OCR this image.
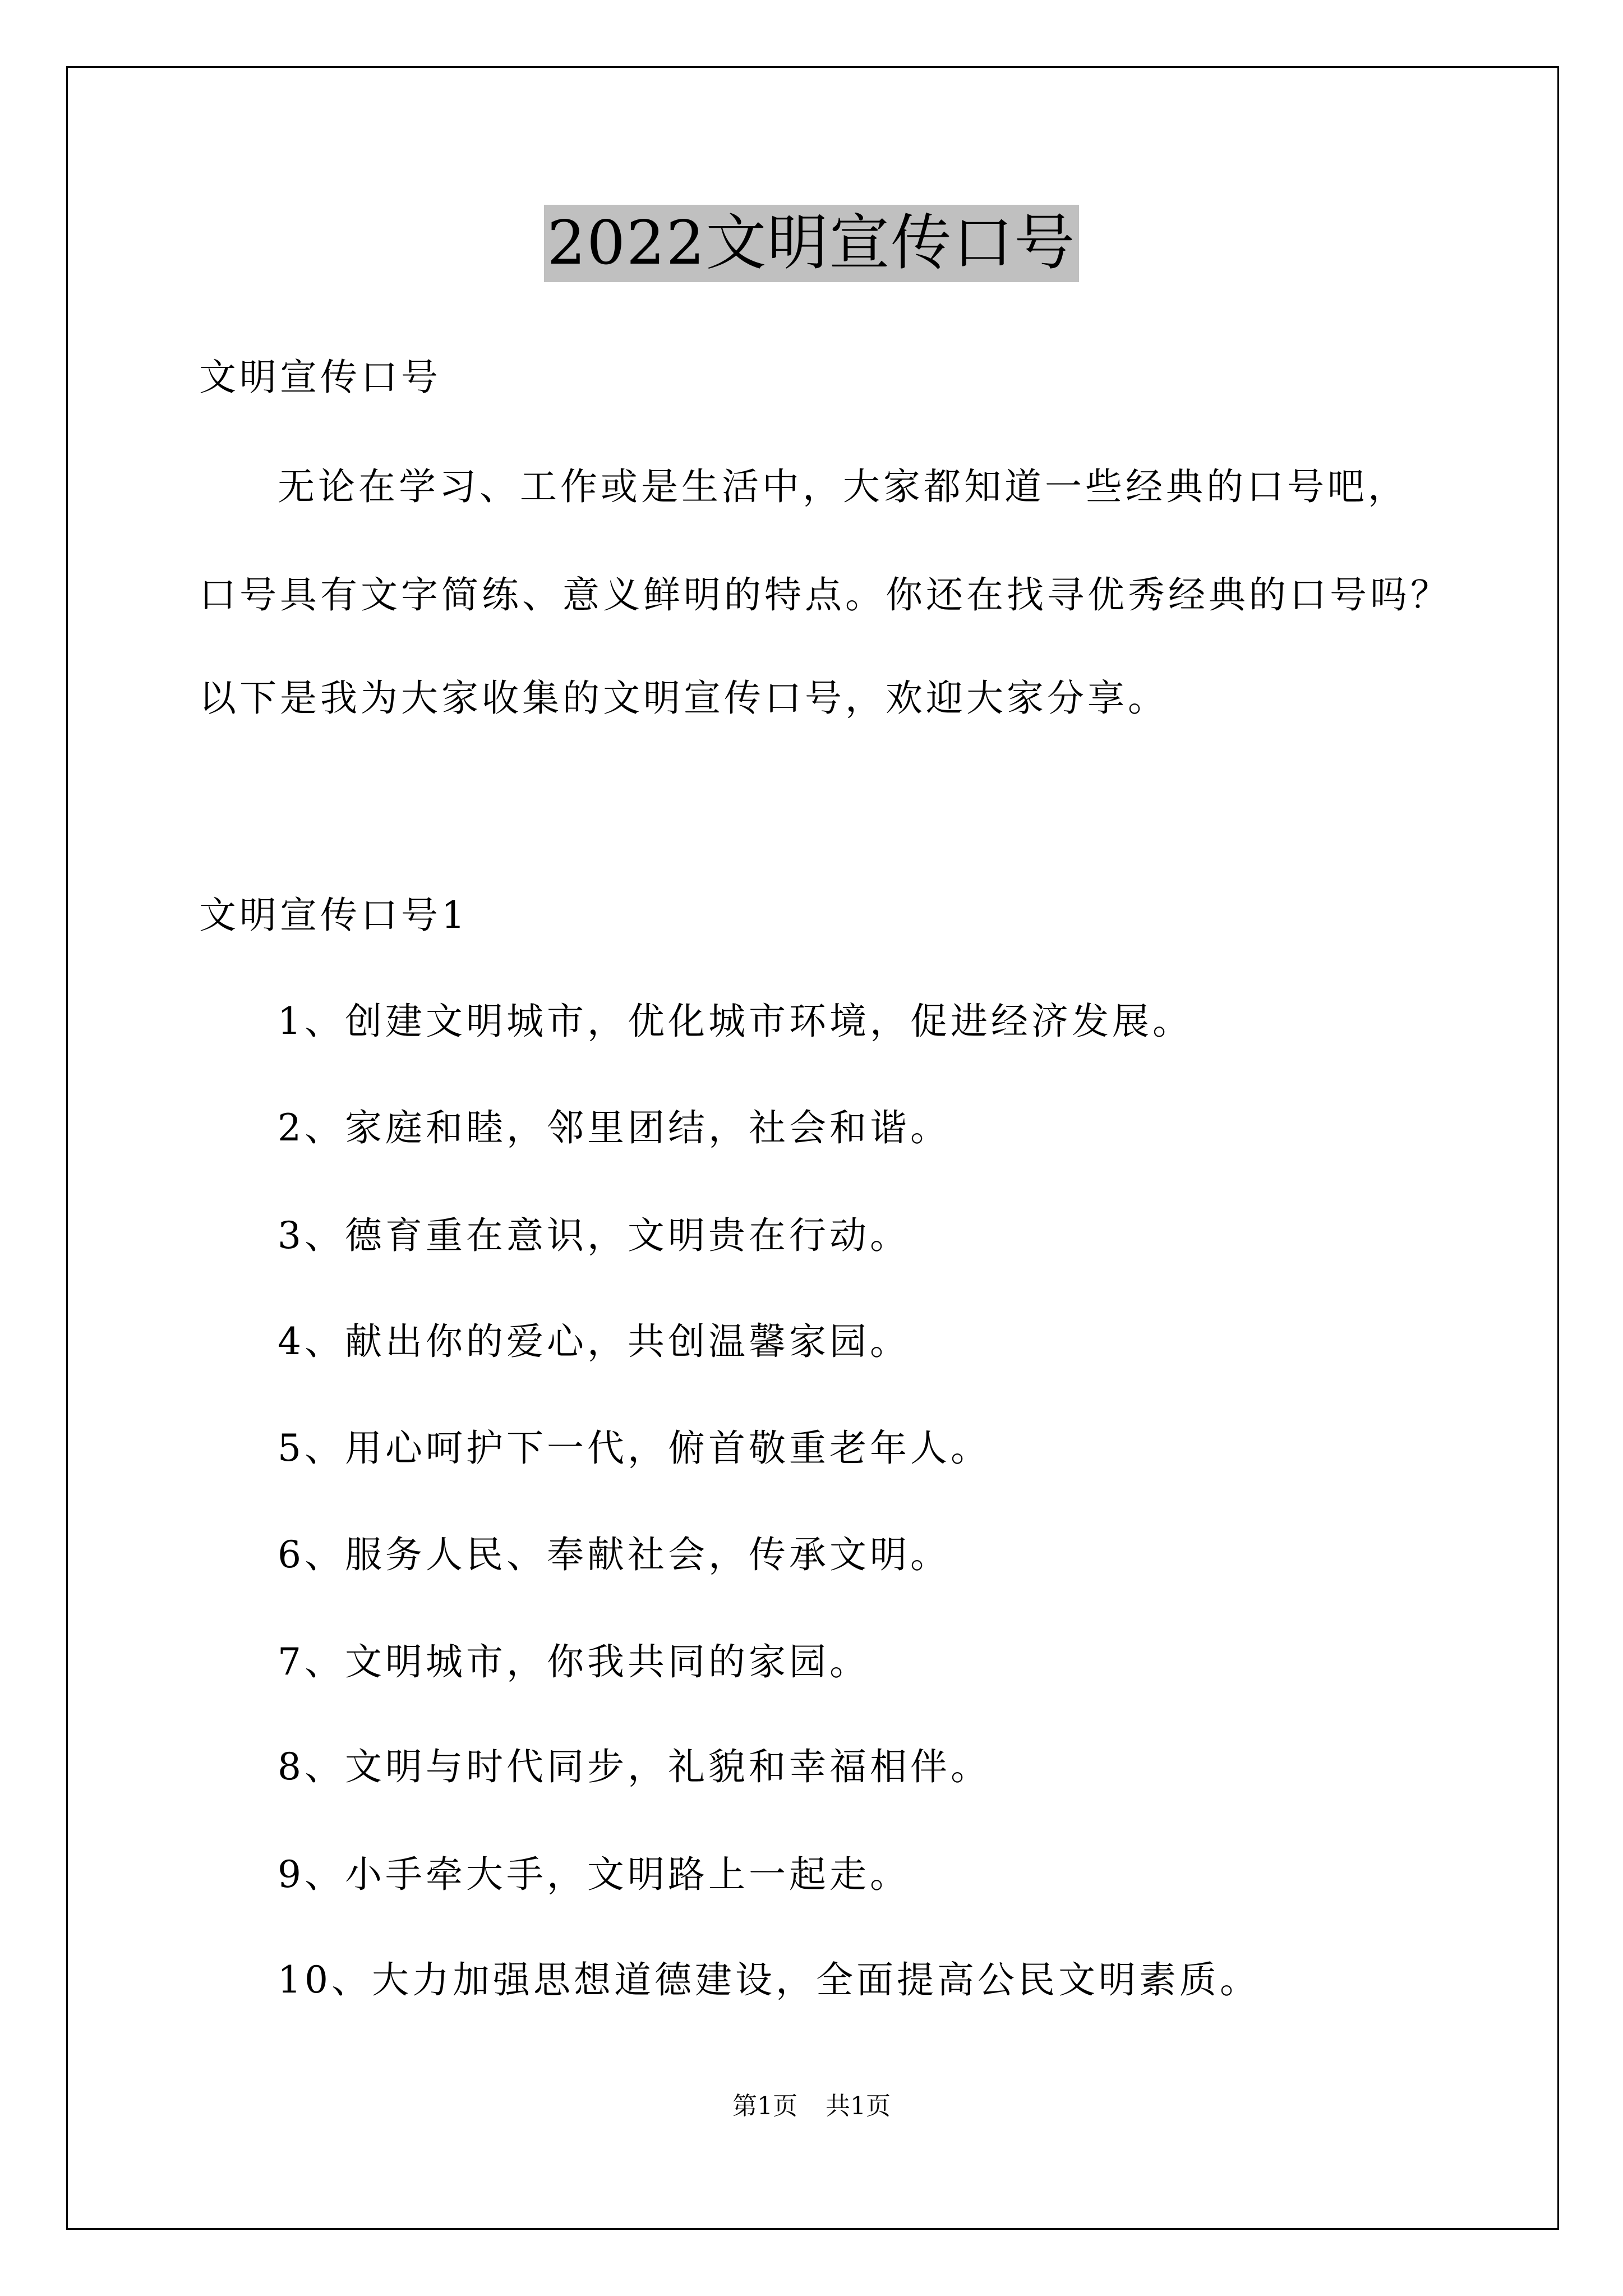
2022文明宣传口号
文明宣传口号
无论在学习、工作或是生活中，大家都知道一些经典的口号吧，
口号具有文字简练、意义鲜明的特点。你还在找寻优秀经典的口号吗？
以下是我为大家收集的文明宣传口号，欢迎大家分享。
文明宣传口号1
1、创建文明城市，优化城市环境，促进经济发展。
2、家庭和睦，邻里团结，社会和谐。
3、德育重在意识，文明贵在行动。
4、献出你的爱心，共创温馨家园。
5、用心呵护下一代，俯首敬重老年人。
6、服务人民、奉献社会，传承文明。
7、文明城市，你我共同的家园。
8、文明与时代同步，礼貌和幸福相伴。
9、小手牵大手，文明路上一起走。
10、大力加强思想道德建设，全面提高公民文明素质。
第1页 共1页
